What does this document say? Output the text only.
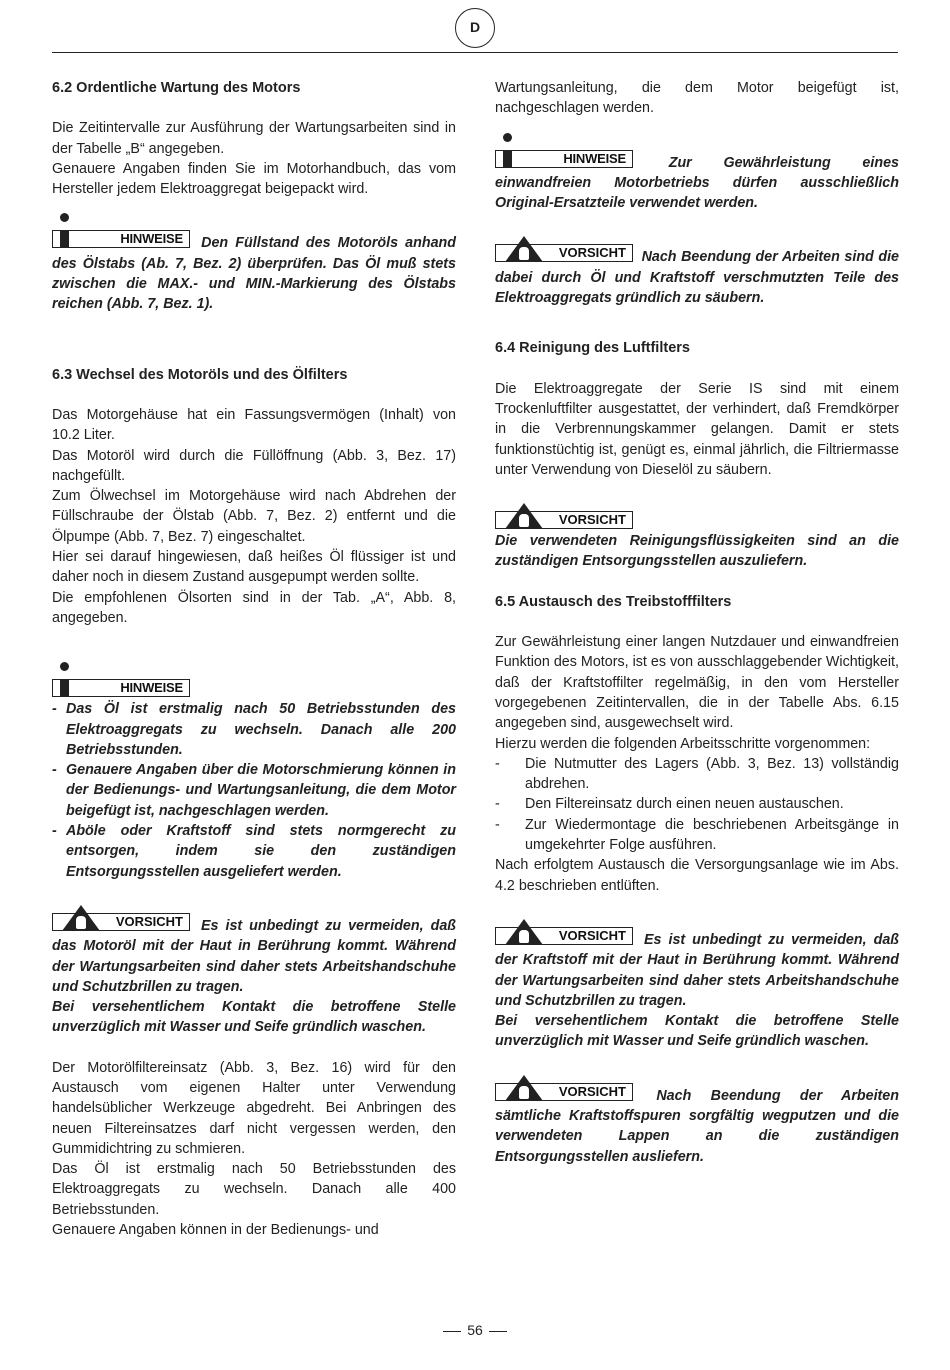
D
6.2 Ordentliche Wartung des Motors

Die Zeitintervalle zur Ausführung der Wartungsarbeiten sind in der Tabelle „B“ angegeben.

Genauere Angaben finden Sie im Motorhandbuch, das vom Hersteller jedem Elektroaggregat beigepackt wird.

HINWEISE Den Füllstand des Motoröls anhand des Ölstabs (Ab. 7, Bez. 2) überprüfen. Das Öl muß stets zwischen die MAX.- und MIN.-Markierung des Ölstabs reichen (Abb. 7, Bez. 1).

6.3 Wechsel des Motoröls und des Ölfilters

Das Motorgehäuse hat ein Fassungsvermögen (Inhalt) von 10.2 Liter.

Das Motoröl wird durch die Füllöffnung (Abb. 3, Bez. 17) nachgefüllt.

Zum Ölwechsel im Motorgehäuse wird nach Abdrehen der Füllschraube der Ölstab (Abb. 7, Bez. 2) entfernt und die Ölpumpe (Abb. 7, Bez. 7) eingeschaltet.

Hier sei darauf hingewiesen, daß heißes Öl flüssiger ist und daher noch in diesem Zustand ausgepumpt werden sollte.

Die empfohlenen Ölsorten sind in der Tab. „A“, Abb. 8, angegeben.

HINWEISE
- Das Öl ist erstmalig nach 50 Betriebsstunden des Elektroaggregats zu wechseln. Danach alle 200 Betriebsstunden.
- Genauere Angaben über die Motorschmierung können in der Bedienungs- und Wartungsanleitung, die dem Motor beigefügt ist, nachgeschlagen werden.
- Aböle oder Kraftstoff sind stets normgerecht zu entsorgen, indem sie den zuständigen Entsorgungsstellen ausgeliefert werden.

VORSICHT Es ist unbedingt zu vermeiden, daß das Motoröl mit der Haut in Berührung kommt. Während der Wartungsarbeiten sind daher stets Arbeitshandschuhe und Schutzbrillen zu tragen.

Bei versehentlichem Kontakt die betroffene Stelle unverzüglich mit Wasser und Seife gründlich waschen.

Der Motorölfiltereinsatz (Abb. 3, Bez. 16) wird für den Austausch vom eigenen Halter unter Verwendung handelsüblicher Werkzeuge abgedreht. Bei Anbringen des neuen Filtereinsatzes darf nicht vergessen werden, den Gummidichtring zu schmieren.

Das Öl ist erstmalig nach 50 Betriebsstunden des Elektroaggregats zu wechseln. Danach alle 400 Betriebsstunden.

Genauere Angaben können in der Bedienungs- und

Wartungsanleitung, die dem Motor beigefügt ist, nachgeschlagen werden.

HINWEISE	Zur Gewährleistung eines einwandfreien Motorbetriebs dürfen ausschließlich Original-Ersatzteile verwendet werden.

VORSICHT Nach Beendung der Arbeiten sind die dabei durch Öl und Kraftstoff verschmutzten Teile des Elektroaggregats gründlich zu säubern.

6.4 Reinigung des Luftfilters

Die Elektroaggregate der Serie IS sind mit einem Trockenluftfilter ausgestattet, der verhindert, daß Fremdkörper in die Verbrennungskammer gelangen. Damit er stets funktionstüchtig ist, genügt es, einmal jährlich, die Filtriermasse unter Verwendung von Dieselöl zu säubern.

VORSICHT

Die verwendeten Reinigungsflüssigkeiten sind an die zuständigen Entsorgungsstellen auszuliefern.

6.5 Austausch des Treibstofffilters

Zur Gewährleistung einer langen Nutzdauer und einwandfreien Funktion des Motors, ist es von ausschlaggebender Wichtigkeit, daß der Kraftstoffilter regelmäßig, in den vom Hersteller vorgegebenen Zeitintervallen, die in der Tabelle Abs. 6.15 angegeben sind, ausgewechselt wird.

Hierzu werden die folgenden Arbeitsschritte vorgenommen:

- Die Nutmutter des Lagers (Abb. 3, Bez. 13) vollständig abdrehen.
- Den Filtereinsatz durch einen neuen austauschen.
- Zur Wiedermontage die beschriebenen Arbeitsgänge in umgekehrter Folge ausführen.

Nach erfolgtem Austausch die Versorgungsanlage wie im Abs. 4.2 beschrieben entlüften.

VORSICHT Es ist unbedingt zu vermeiden, daß der Kraftstoff mit der Haut in Berührung kommt. Während der Wartungsarbeiten sind daher stets Arbeitshandschuhe und Schutzbrillen zu tragen.

Bei versehentlichem Kontakt die betroffene Stelle unverzüglich mit Wasser und Seife gründlich waschen.

VORSICHT Nach Beendung der Arbeiten sämtliche Kraftstoffspuren sorgfältig wegputzen und die verwendeten Lappen an die zuständigen Entsorgungsstellen ausliefern.

56
